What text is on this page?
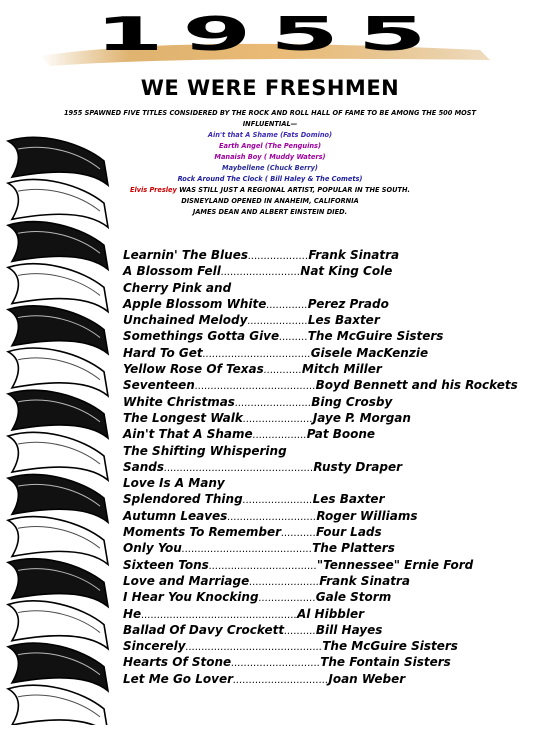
1955
WE WERE FRESHMEN
1955 SPAWNED FIVE TITLES CONSIDERED BY THE ROCK AND ROLL HALL OF FAME TO BE AMONG THE 500 MOST
INFLUENTIAL—
Ain't that A Shame (Fats Domino)
Earth Angel (The Penguins)
Manaish Boy ( Muddy Waters)
Maybellene (Chuck Berry)
Rock Around The Clock ( Bill Haley & The Comets)
Elvis Presley WAS STILL JUST A REGIONAL ARTIST, POPULAR IN THE SOUTH.
DISNEYLAND OPENED IN ANAHEIM, CALIFORNIA
JAMES DEAN AND ALBERT EINSTEIN DIED.
Learnin' The Blues...................Frank Sinatra
A Blossom Fell.........................Nat King Cole
Cherry Pink and
Apple Blossom White.............Perez Prado
Unchained Melody...................Les Baxter
Somethings Gotta Give.........The McGuire Sisters
Hard To Get..................................Gisele MacKenzie
Yellow Rose Of Texas............Mitch Miller
Seventeen......................................Boyd Bennett and his Rockets
White Christmas........................Bing Crosby
The Longest Walk......................Jaye P. Morgan
Ain't That A Shame.................Pat Boone
The Shifting Whispering
Sands...............................................Rusty Draper
Love Is A Many
Splendored Thing......................Les Baxter
Autumn Leaves............................Roger Williams
Moments To Remember...........Four Lads
Only You.........................................The Platters
Sixteen Tons.................................."Tennessee" Ernie Ford
Love and Marriage......................Frank Sinatra
I Hear You Knocking..................Gale Storm
He.................................................Al Hibbler
Ballad Of Davy Crockett..........Bill Hayes
Sincerely...........................................The McGuire Sisters
Hearts Of Stone............................The Fontain Sisters
Let Me Go Lover..............................Joan Weber
